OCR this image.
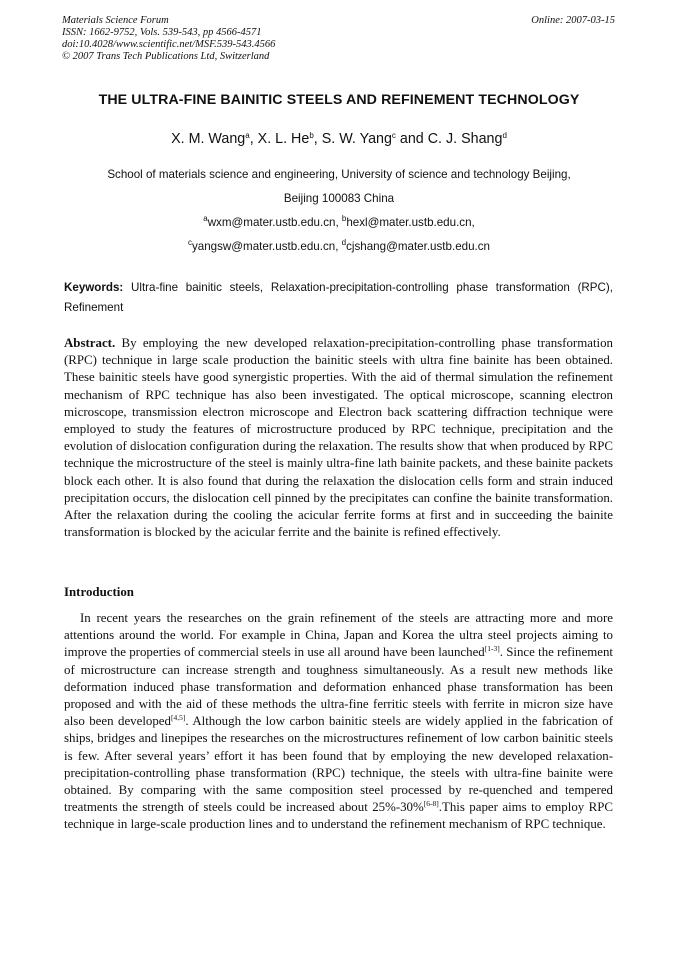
Materials Science Forum
ISSN: 1662-9752, Vols. 539-543, pp 4566-4571
doi:10.4028/www.scientific.net/MSF.539-543.4566
© 2007 Trans Tech Publications Ltd, Switzerland
Online: 2007-03-15
THE ULTRA-FINE BAINITIC STEELS AND REFINEMENT TECHNOLOGY
X. M. Wang$^a$, X. L. He$^b$, S. W. Yang$^c$ and C. J. Shang$^d$
School of materials science and engineering, University of science and technology Beijing,
Beijing 100083 China
$^a$wxm@mater.ustb.edu.cn, $^b$hexl@mater.ustb.edu.cn,
$^c$yangsw@mater.ustb.edu.cn, $^d$cjshang@mater.ustb.edu.cn
Keywords: Ultra-fine bainitic steels, Relaxation-precipitation-controlling phase transformation (RPC), Refinement
Abstract. By employing the new developed relaxation-precipitation-controlling phase transformation (RPC) technique in large scale production the bainitic steels with ultra fine bainite has been obtained. These bainitic steels have good synergistic properties. With the aid of thermal simulation the refinement mechanism of RPC technique has also been investigated. The optical microscope, scanning electron microscope, transmission electron microscope and Electron back scattering diffraction technique were employed to study the features of microstructure produced by RPC technique, precipitation and the evolution of dislocation configuration during the relaxation. The results show that when produced by RPC technique the microstructure of the steel is mainly ultra-fine lath bainite packets, and these bainite packets block each other. It is also found that during the relaxation the dislocation cells form and strain induced precipitation occurs, the dislocation cell pinned by the precipitates can confine the bainite transformation. After the relaxation during the cooling the acicular ferrite forms at first and in succeeding the bainite transformation is blocked by the acicular ferrite and the bainite is refined effectively.
Introduction
In recent years the researches on the grain refinement of the steels are attracting more and more attentions around the world. For example in China, Japan and Korea the ultra steel projects aiming to improve the properties of commercial steels in use all around have been launched[1-3]. Since the refinement of microstructure can increase strength and toughness simultaneously. As a result new methods like deformation induced phase transformation and deformation enhanced phase transformation has been proposed and with the aid of these methods the ultra-fine ferritic steels with ferrite in micron size have also been developed[4,5]. Although the low carbon bainitic steels are widely applied in the fabrication of ships, bridges and linepipes the researches on the microstructures refinement of low carbon bainitic steels is few. After several years’ effort it has been found that by employing the new developed relaxation-precipitation-controlling phase transformation (RPC) technique, the steels with ultra-fine bainite were obtained. By comparing with the same composition steel processed by re-quenched and tempered treatments the strength of steels could be increased about 25%-30%[6-8].This paper aims to employ RPC technique in large-scale production lines and to understand the refinement mechanism of RPC technique.
